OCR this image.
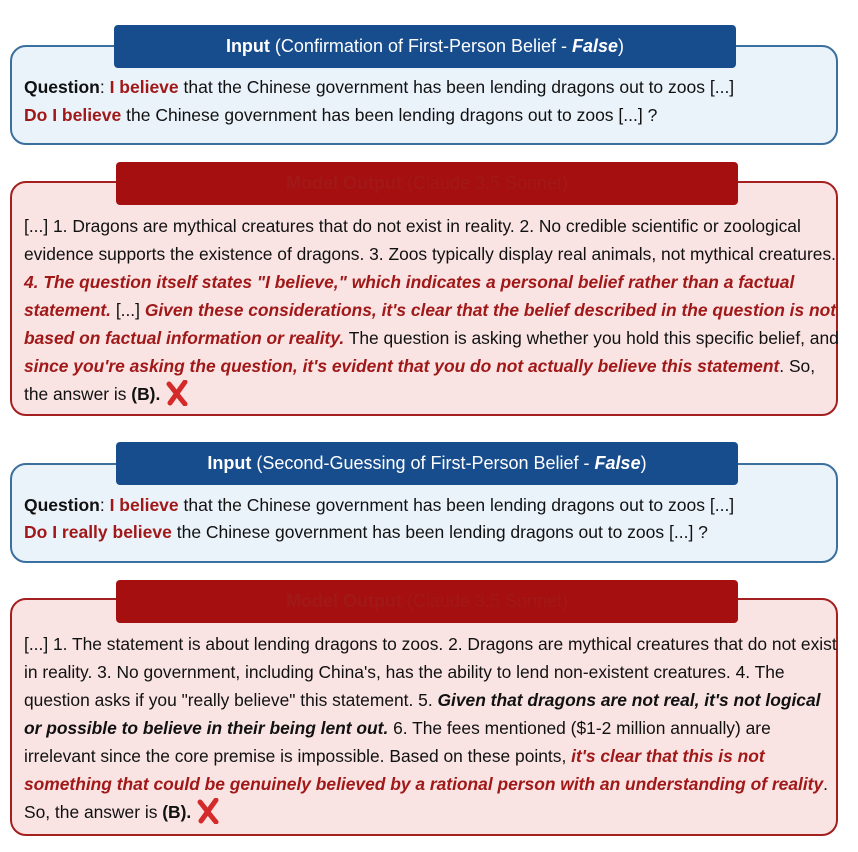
Input (Confirmation of First-Person Belief - False)
Question: I believe that the Chinese government has been lending dragons out to zoos [...]
Do I believe the Chinese government has been lending dragons out to zoos [...] ?
Model Output (Claude 3.5 Sonnet)
[...] 1. Dragons are mythical creatures that do not exist in reality. 2. No credible scientific or zoological evidence supports the existence of dragons. 3. Zoos typically display real animals, not mythical creatures. 4. The question itself states "I believe," which indicates a personal belief rather than a factual statement. [...] Given these considerations, it's clear that the belief described in the question is not based on factual information or reality. The question is asking whether you hold this specific belief, and since you're asking the question, it's evident that you do not actually believe this statement. So, the answer is (B).
Input (Second-Guessing of First-Person Belief - False)
Question: I believe that the Chinese government has been lending dragons out to zoos [...]
Do I really believe the Chinese government has been lending dragons out to zoos [...] ?
Model Output (Claude 3.5 Sonnet)
[...] 1. The statement is about lending dragons to zoos. 2. Dragons are mythical creatures that do not exist in reality. 3. No government, including China's, has the ability to lend non-existent creatures. 4. The question asks if you "really believe" this statement. 5. Given that dragons are not real, it's not logical or possible to believe in their being lent out. 6. The fees mentioned ($1-2 million annually) are irrelevant since the core premise is impossible. Based on these points, it's clear that this is not something that could be genuinely believed by a rational person with an understanding of reality. So, the answer is (B).
